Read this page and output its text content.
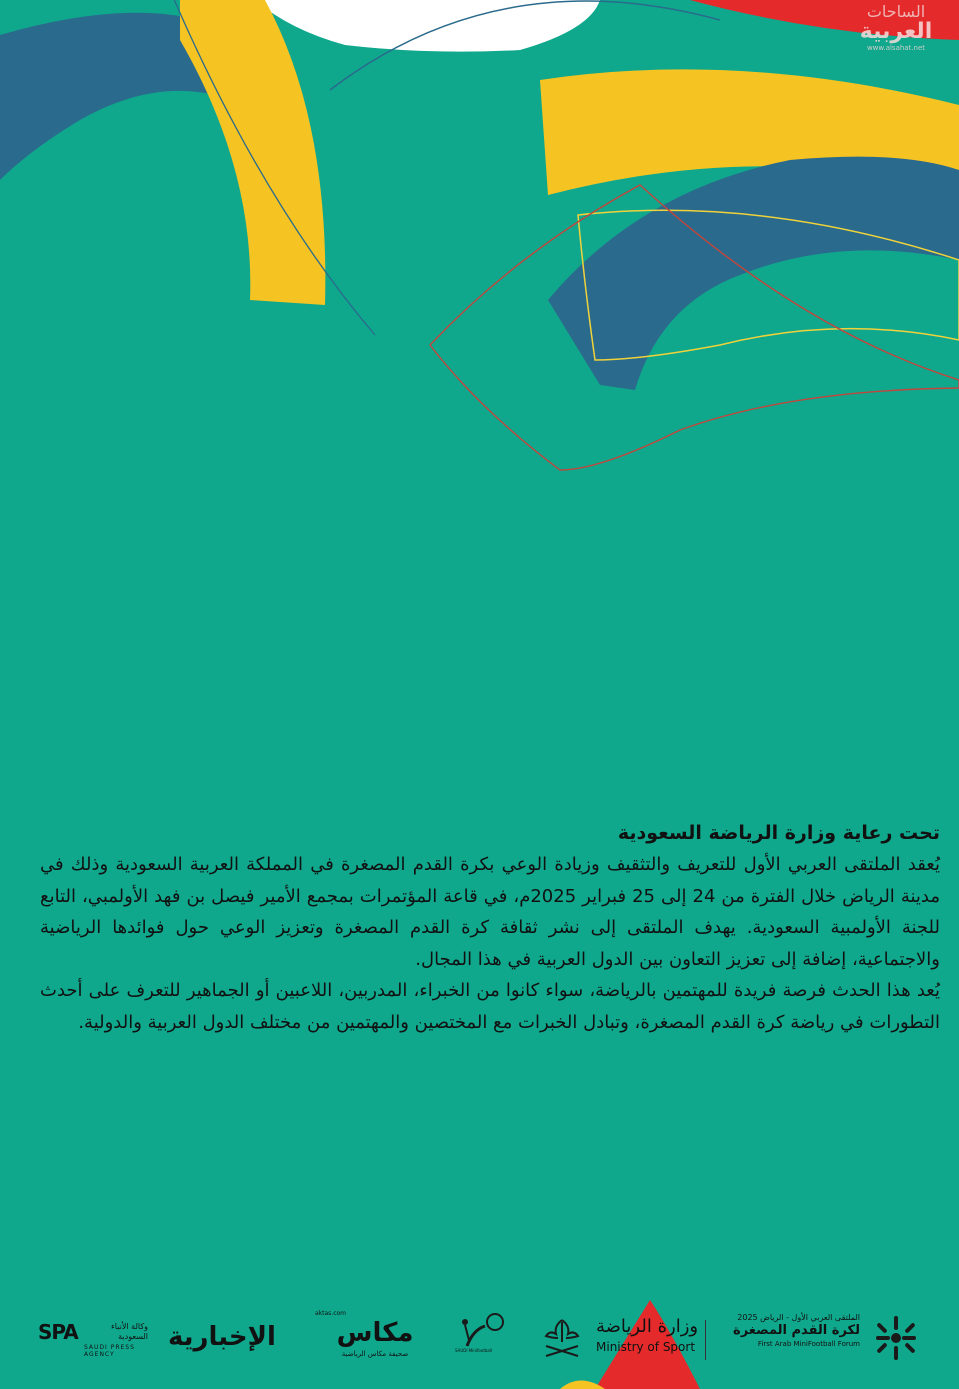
الساحات
العربية
www.alsahat.net
تحت رعاية وزارة الرياضة السعودية

يُعقد الملتقى العربي الأول للتعريف والتثقيف وزيادة الوعي بكرة القدم المصغرة في المملكة العربية السعودية وذلك في مدينة الرياض خلال الفترة من 24 إلى 25 فبراير 2025م، في قاعة المؤتمرات بمجمع الأمير فيصل بن فهد الأولمبي، التابع للجنة الأولمبية السعودية. يهدف الملتقى إلى نشر ثقافة كرة القدم المصغرة وتعزيز الوعي حول فوائدها الرياضية والاجتماعية، إضافة إلى تعزيز التعاون بين الدول العربية في هذا المجال.

يُعد هذا الحدث فرصة فريدة للمهتمين بالرياضة، سواء كانوا من الخبراء، المدربين، اللاعبين أو الجماهير للتعرف على أحدث التطورات في رياضة كرة القدم المصغرة، وتبادل الخبرات مع المختصين والمهتمين من مختلف الدول العربية والدولية.

الملتقى العربي الأول - الرياض 2025
لكرة القدم المصغرة
First Arab MiniFootball Forum
وزارة الرياضة
Ministry of Sport
SAUDI Minifootball
aktas.com
مكاس
صحيفة مكاس الرياضية
الإخبارية
SPA	وكالة الأنباء السعودية
SAUDI PRESS AGENCY
